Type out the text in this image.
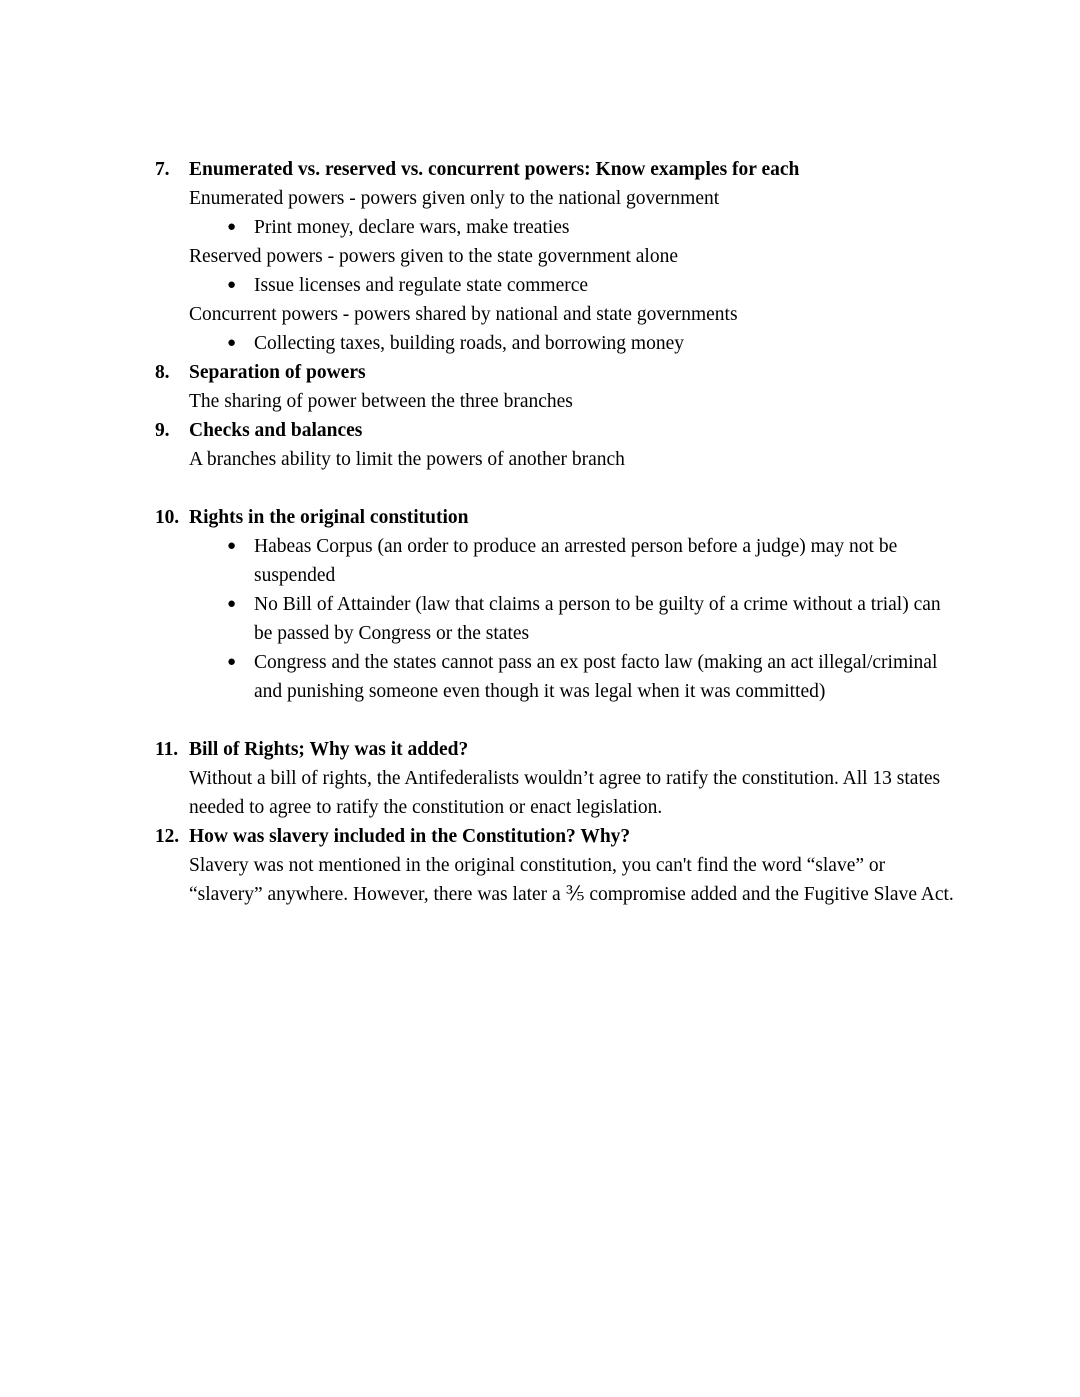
7.	Enumerated vs. reserved vs. concurrent powers: Know examples for each
Enumerated powers - powers given only to the national government
● Print money, declare wars, make treaties
Reserved powers - powers given to the state government alone
● Issue licenses and regulate state commerce
Concurrent powers - powers shared by national and state governments
● Collecting taxes, building roads, and borrowing money
8.	Separation of powers
The sharing of power between the three branches
9.	Checks and balances
A branches ability to limit the powers of another branch
10. Rights in the original constitution
● Habeas Corpus (an order to produce an arrested person before a judge) may not be suspended
● No Bill of Attainder (law that claims a person to be guilty of a crime without a trial) can be passed by Congress or the states
● Congress and the states cannot pass an ex post facto law (making an act illegal/criminal and punishing someone even though it was legal when it was committed)
11. Bill of Rights; Why was it added?
Without a bill of rights, the Antifederalists wouldn’t agree to ratify the constitution. All 13 states needed to agree to ratify the constitution or enact legislation.
12. How was slavery included in the Constitution? Why?
Slavery was not mentioned in the original constitution, you can't find the word “slave” or “slavery” anywhere. However, there was later a ⅗ compromise added and the Fugitive Slave Act.
